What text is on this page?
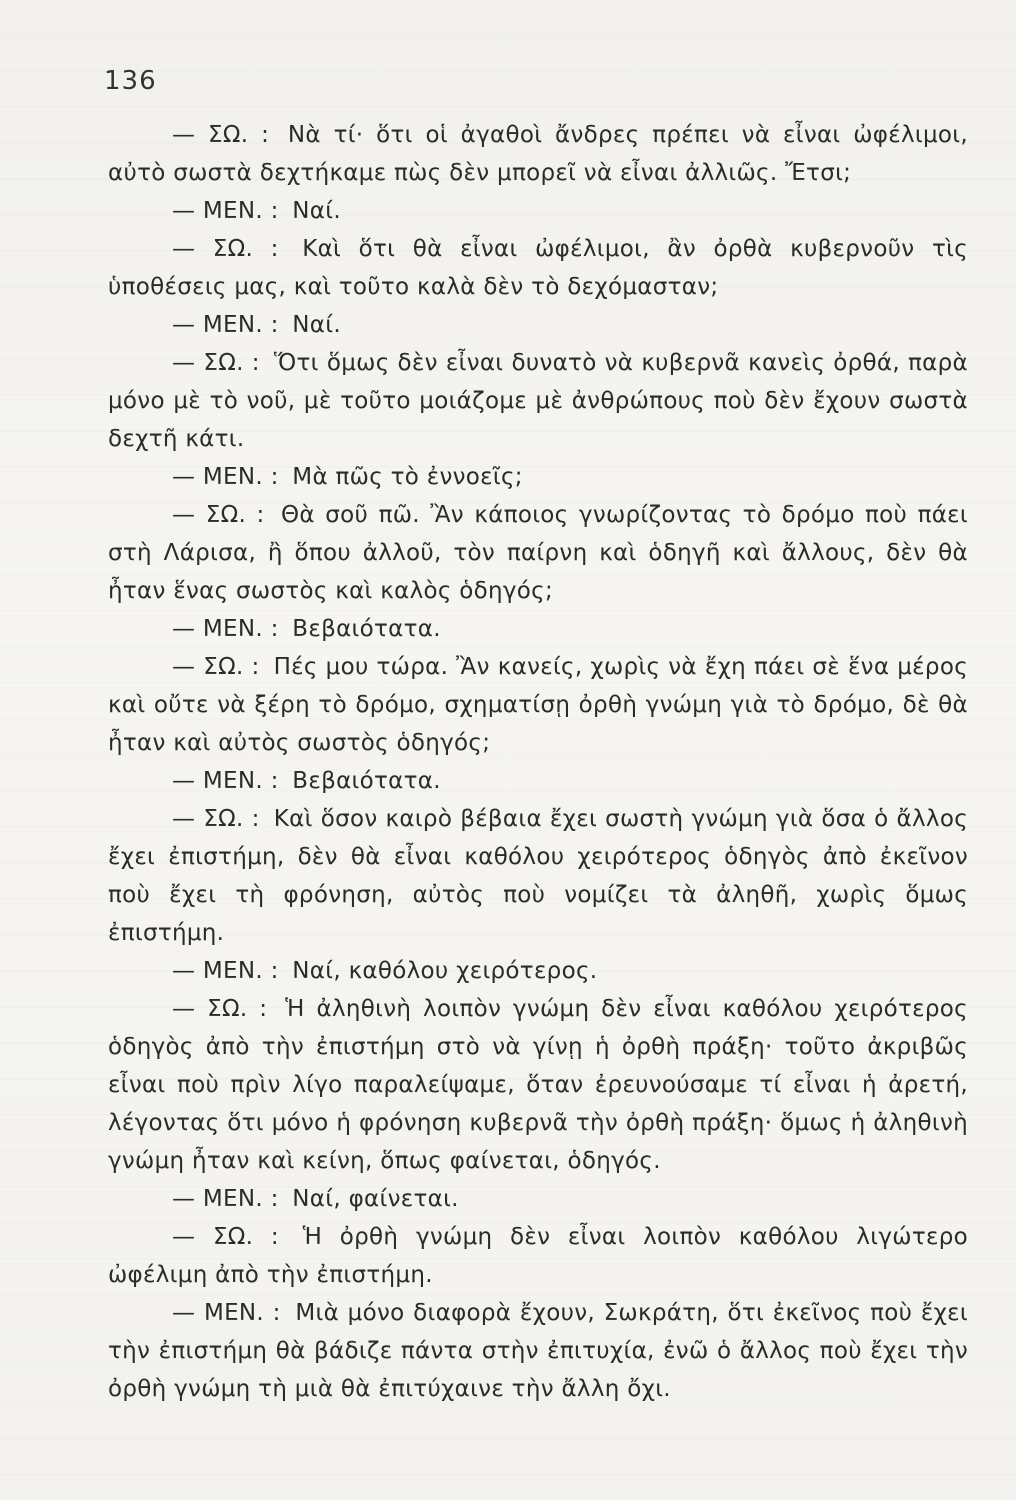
136

— ΣΩ. : Νὰ τί· ὅτι οἱ ἀγαθοὶ ἄνδρες πρέπει νὰ εἶναι ὠφέλιμοι, αὐτὸ σωστὰ δεχτήκαμε πὼς δὲν μπορεῖ νὰ εἶναι ἀλλιῶς. Ἔτσι;

— ΜΕΝ. : Ναί.

— ΣΩ. : Καὶ ὅτι θὰ εἶναι ὠφέλιμοι, ἂν ὀρθὰ κυβερνοῦν τὶς ὑποθέσεις μας, καὶ τοῦτο καλὰ δὲν τὸ δεχόμασταν;

— ΜΕΝ. : Ναί.

— ΣΩ. : Ὅτι ὅμως δὲν εἶναι δυνατὸ νὰ κυβερνᾶ κανεὶς ὀρθά, παρὰ μόνο μὲ τὸ νοῦ, μὲ τοῦτο μοιάζομε μὲ ἀνθρώπους ποὺ δὲν ἔχουν σωστὰ δεχτῆ κάτι.

— ΜΕΝ. : Μὰ πῶς τὸ ἐννοεῖς;

— ΣΩ. : Θὰ σοῦ πῶ. Ἂν κάποιος γνωρίζοντας τὸ δρόμο ποὺ πάει στὴ Λάρισα, ἢ ὅπου ἀλλοῦ, τὸν παίρνη καὶ ὁδηγῆ καὶ ἄλλους, δὲν θὰ ἦταν ἕνας σωστὸς καὶ καλὸς ὁδηγός;

— ΜΕΝ. : Βεβαιότατα.

— ΣΩ. : Πές μου τώρα. Ἂν κανείς, χωρὶς νὰ ἔχη πάει σὲ ἕνα μέρος καὶ οὔτε νὰ ξέρη τὸ δρόμο, σχηματίσῃ ὀρθὴ γνώμη γιὰ τὸ δρόμο, δὲ θὰ ἦταν καὶ αὐτὸς σωστὸς ὁδηγός;

— ΜΕΝ. : Βεβαιότατα.

— ΣΩ. : Καὶ ὅσον καιρὸ βέβαια ἔχει σωστὴ γνώμη γιὰ ὅσα ὁ ἄλλος ἔχει ἐπιστήμη, δὲν θὰ εἶναι καθόλου χειρότερος ὁδηγὸς ἀπὸ ἐκεῖνον ποὺ ἔχει τὴ φρόνηση, αὐτὸς ποὺ νομίζει τὰ ἀληθῆ, χωρὶς ὅμως ἐπιστήμη.

— ΜΕΝ. : Ναί, καθόλου χειρότερος.

— ΣΩ. : Ἡ ἀληθινὴ λοιπὸν γνώμη δὲν εἶναι καθόλου χειρότερος ὁδηγὸς ἀπὸ τὴν ἐπιστήμη στὸ νὰ γίνῃ ἡ ὀρθὴ πράξη· τοῦτο ἀκριβῶς εἶναι ποὺ πρὶν λίγο παραλείψαμε, ὅταν ἐρευνούσαμε τί εἶναι ἡ ἀρετή, λέγοντας ὅτι μόνο ἡ φρόνηση κυβερνᾶ τὴν ὀρθὴ πράξη· ὅμως ἡ ἀληθινὴ γνώμη ἦταν καὶ κείνη, ὅπως φαίνεται, ὁδηγός.

— ΜΕΝ. : Ναί, φαίνεται.

— ΣΩ. : Ἡ ὀρθὴ γνώμη δὲν εἶναι λοιπὸν καθόλου λιγώτερο ὠφέλιμη ἀπὸ τὴν ἐπιστήμη.

— ΜΕΝ. : Μιὰ μόνο διαφορὰ ἔχουν, Σωκράτη, ὅτι ἐκεῖνος ποὺ ἔχει τὴν ἐπιστήμη θὰ βάδιζε πάντα στὴν ἐπιτυχία, ἐνῶ ὁ ἄλλος ποὺ ἔχει τὴν ὀρθὴ γνώμη τὴ μιὰ θὰ ἐπιτύχαινε τὴν ἄλλη ὄχι.
